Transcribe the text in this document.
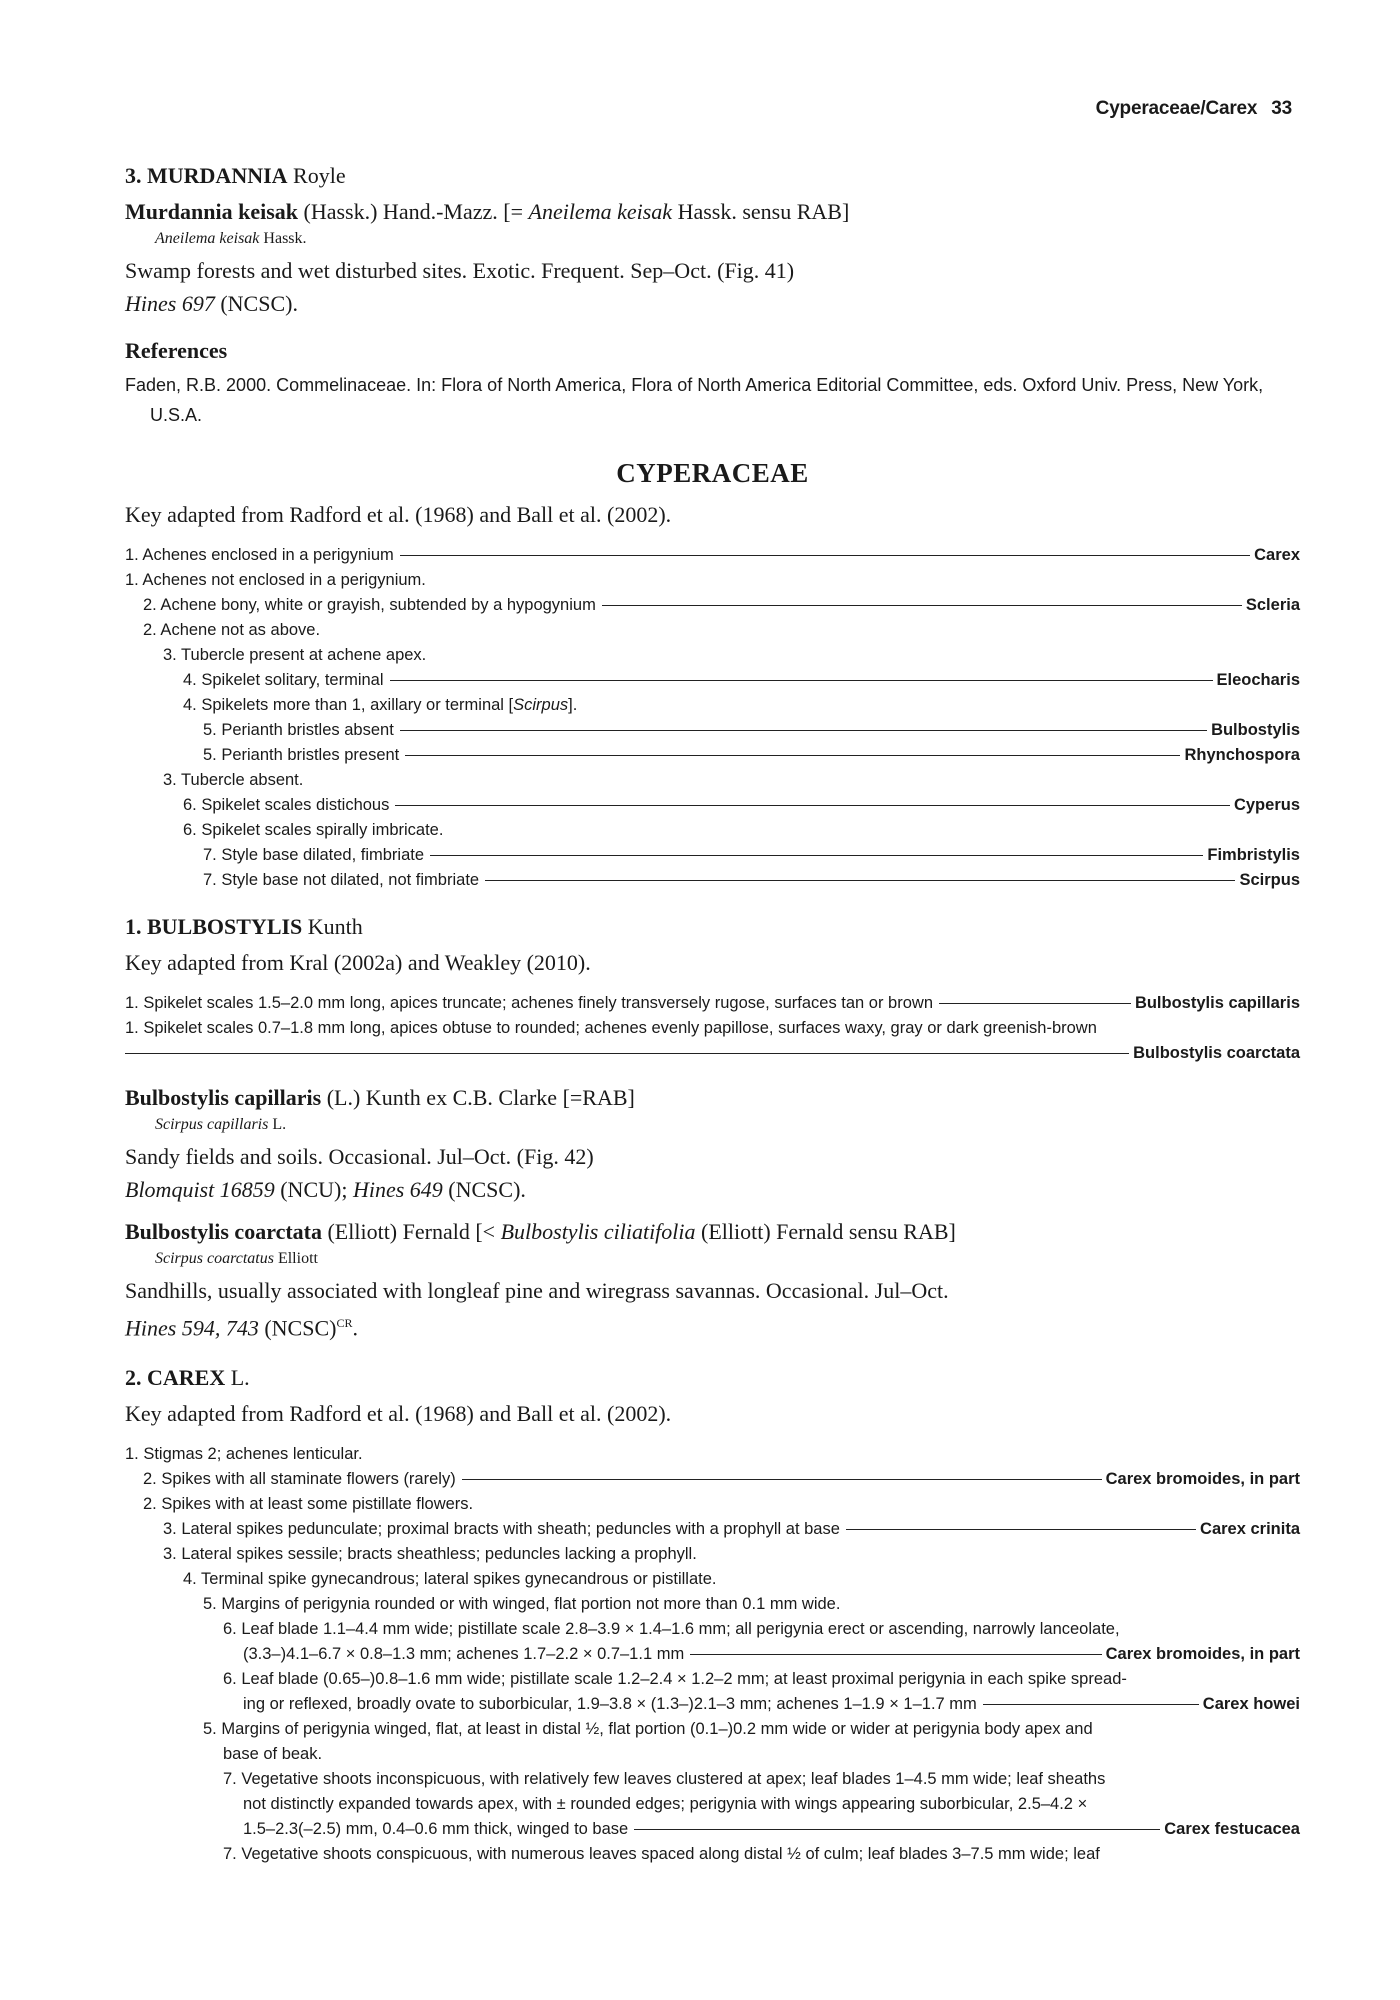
Cyperaceae/Carex 33

3. MURDANNIA Royle

Murdannia keisak (Hassk.) Hand.-Mazz. [= Aneilema keisak Hassk. sensu RAB]

Aneilema keisak Hassk.

Swamp forests and wet disturbed sites. Exotic. Frequent. Sep–Oct. (Fig. 41)

Hines 697 (NCSC).

References

Faden, R.B. 2000. Commelinaceae. In: Flora of North America, Flora of North America Editorial Committee, eds. Oxford Univ. Press, New York, U.S.A.

CYPERACEAE

Key adapted from Radford et al. (1968) and Ball et al. (2002).

1. Achenes enclosed in a perigynium	Carex
1. Achenes not enclosed in a perigynium.
2. Achene bony, white or grayish, subtended by a hypogynium	Scleria
2. Achene not as above.
3. Tubercle present at achene apex.
4. Spikelet solitary, terminal	Eleocharis
4. Spikelets more than 1, axillary or terminal [Scirpus].
5. Perianth bristles absent	Bulbostylis
5. Perianth bristles present	Rhynchospora
3. Tubercle absent.
6. Spikelet scales distichous	Cyperus
6. Spikelet scales spirally imbricate.
7. Style base dilated, fimbriate	Fimbristylis
7. Style base not dilated, not fimbriate	Scirpus

1. BULBOSTYLIS Kunth

Key adapted from Kral (2002a) and Weakley (2010).

1. Spikelet scales 1.5–2.0 mm long, apices truncate; achenes finely transversely rugose, surfaces tan or brown	Bulbostylis capillaris
1. Spikelet scales 0.7–1.8 mm long, apices obtuse to rounded; achenes evenly papillose, surfaces waxy, gray or dark greenish-brown
Bulbostylis coarctata

Bulbostylis capillaris (L.) Kunth ex C.B. Clarke [=RAB]

Scirpus capillaris L.

Sandy fields and soils. Occasional. Jul–Oct. (Fig. 42)

Blomquist 16859 (NCU); Hines 649 (NCSC).

Bulbostylis coarctata (Elliott) Fernald [< Bulbostylis ciliatifolia (Elliott) Fernald sensu RAB]

Scirpus coarctatus Elliott

Sandhills, usually associated with longleaf pine and wiregrass savannas. Occasional. Jul–Oct.

Hines 594, 743 (NCSC)$^{CR}$.

2. CAREX L.

Key adapted from Radford et al. (1968) and Ball et al. (2002).

1. Stigmas 2; achenes lenticular.
2. Spikes with all staminate flowers (rarely)	Carex bromoides, in part
2. Spikes with at least some pistillate flowers.
3. Lateral spikes pedunculate; proximal bracts with sheath; peduncles with a prophyll at base	Carex crinita
3. Lateral spikes sessile; bracts sheathless; peduncles lacking a prophyll.
4. Terminal spike gynecandrous; lateral spikes gynecandrous or pistillate.
5. Margins of perigynia rounded or with winged, flat portion not more than 0.1 mm wide.
6. Leaf blade 1.1–4.4 mm wide; pistillate scale 2.8–3.9 × 1.4–1.6 mm; all perigynia erect or ascending, narrowly lanceolate,
(3.3–)4.1–6.7 × 0.8–1.3 mm; achenes 1.7–2.2 × 0.7–1.1 mm	Carex bromoides, in part
6. Leaf blade (0.65–)0.8–1.6 mm wide; pistillate scale 1.2–2.4 × 1.2–2 mm; at least proximal perigynia in each spike spread-
ing or reflexed, broadly ovate to suborbicular, 1.9–3.8 × (1.3–)2.1–3 mm; achenes 1–1.9 × 1–1.7 mm	Carex howei
5. Margins of perigynia winged, flat, at least in distal ½, flat portion (0.1–)0.2 mm wide or wider at perigynia body apex and
base of beak.
7. Vegetative shoots inconspicuous, with relatively few leaves clustered at apex; leaf blades 1–4.5 mm wide; leaf sheaths
not distinctly expanded towards apex, with ± rounded edges; perigynia with wings appearing suborbicular, 2.5–4.2 ×
1.5–2.3(–2.5) mm, 0.4–0.6 mm thick, winged to base	Carex festucacea
7. Vegetative shoots conspicuous, with numerous leaves spaced along distal ½ of culm; leaf blades 3–7.5 mm wide; leaf
